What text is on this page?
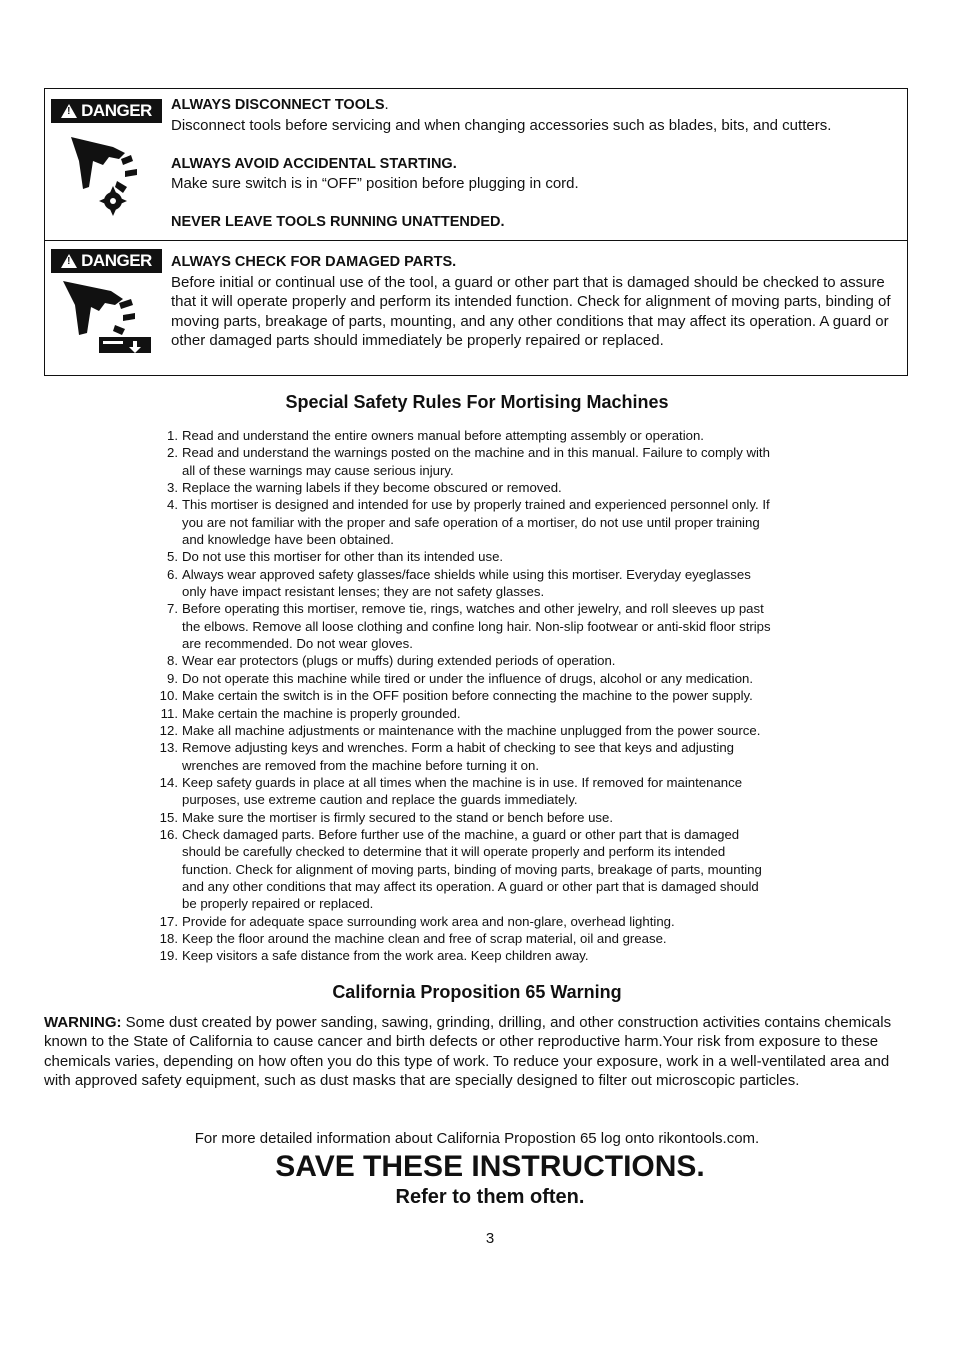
!
DANGER ALWAYS DISCONNECT TOOLS.

Disconnect tools before servicing and when changing accessories such as blades, bits, and cutters.

ALWAYS AVOID ACCIDENTAL STARTING.

Make sure switch is in “OFF” position before plugging in cord.

NEVER LEAVE TOOLS RUNNING UNATTENDED.

!
DANGER ALWAYS CHECK FOR DAMAGED PARTS.

Before initial or continual use of the tool, a guard or other part that is damaged should be checked to assure that it will operate properly and perform its intended function. Check for alignment of moving parts, binding of moving parts, breakage of parts, mounting, and any other conditions that may affect its operation. A guard or other damaged parts should immediately be properly repaired or replaced.

Special Safety Rules For Mortising Machines
1. Read and understand the entire owners manual before attempting assembly or operation.
2. Read and understand the warnings posted on the machine and in this manual. Failure to comply with
all of these warnings may cause serious injury.
3. Replace the warning labels if they become obscured or removed.
4. This mortiser is designed and intended for use by properly trained and experienced personnel only. If
you are not familiar with the proper and safe operation of a mortiser, do not use until proper training
and knowledge have been obtained.
5. Do not use this mortiser for other than its intended use.
6. Always wear approved safety glasses/face shields while using this mortiser. Everyday eyeglasses
only have impact resistant lenses; they are not safety glasses.
7. Before operating this mortiser, remove tie, rings, watches and other jewelry, and roll sleeves up past
the elbows. Remove all loose clothing and confine long hair. Non-slip footwear or anti-skid floor strips
are recommended. Do not wear gloves.
8. Wear ear protectors (plugs or muffs) during extended periods of operation.
9. Do not operate this machine while tired or under the influence of drugs, alcohol or any medication.
10. Make certain the switch is in the OFF position before connecting the machine to the power supply.
11. Make certain the machine is properly grounded.
12. Make all machine adjustments or maintenance with the machine unplugged from the power source.
13. Remove adjusting keys and wrenches. Form a habit of checking to see that keys and adjusting
wrenches are removed from the machine before turning it on.
14. Keep safety guards in place at all times when the machine is in use. If removed for maintenance
purposes, use extreme caution and replace the guards immediately.
15. Make sure the mortiser is firmly secured to the stand or bench before use.
16. Check damaged parts. Before further use of the machine, a guard or other part that is damaged
should be carefully checked to determine that it will operate properly and perform its intended
function. Check for alignment of moving parts, binding of moving parts, breakage of parts, mounting
and any other conditions that may affect its operation. A guard or other part that is damaged should
be properly repaired or replaced.
17. Provide for adequate space surrounding work area and non-glare, overhead lighting.
18. Keep the floor around the machine clean and free of scrap material, oil and grease.
19. Keep visitors a safe distance from the work area. Keep children away.
California Proposition 65 Warning
WARNING: Some dust created by power sanding, sawing, grinding, drilling, and other construction activities contains chemicals known to the State of California to cause cancer and birth defects or other reproductive harm.Your risk from exposure to these chemicals varies, depending on how often you do this type of work. To reduce your exposure, work in a well-ventilated area and with approved safety equipment, such as dust masks that are specially designed to filter out microscopic particles.
For more detailed information about California Propostion 65 log onto rikontools.com.
SAVE THESE INSTRUCTIONS.
Refer to them often.
3
